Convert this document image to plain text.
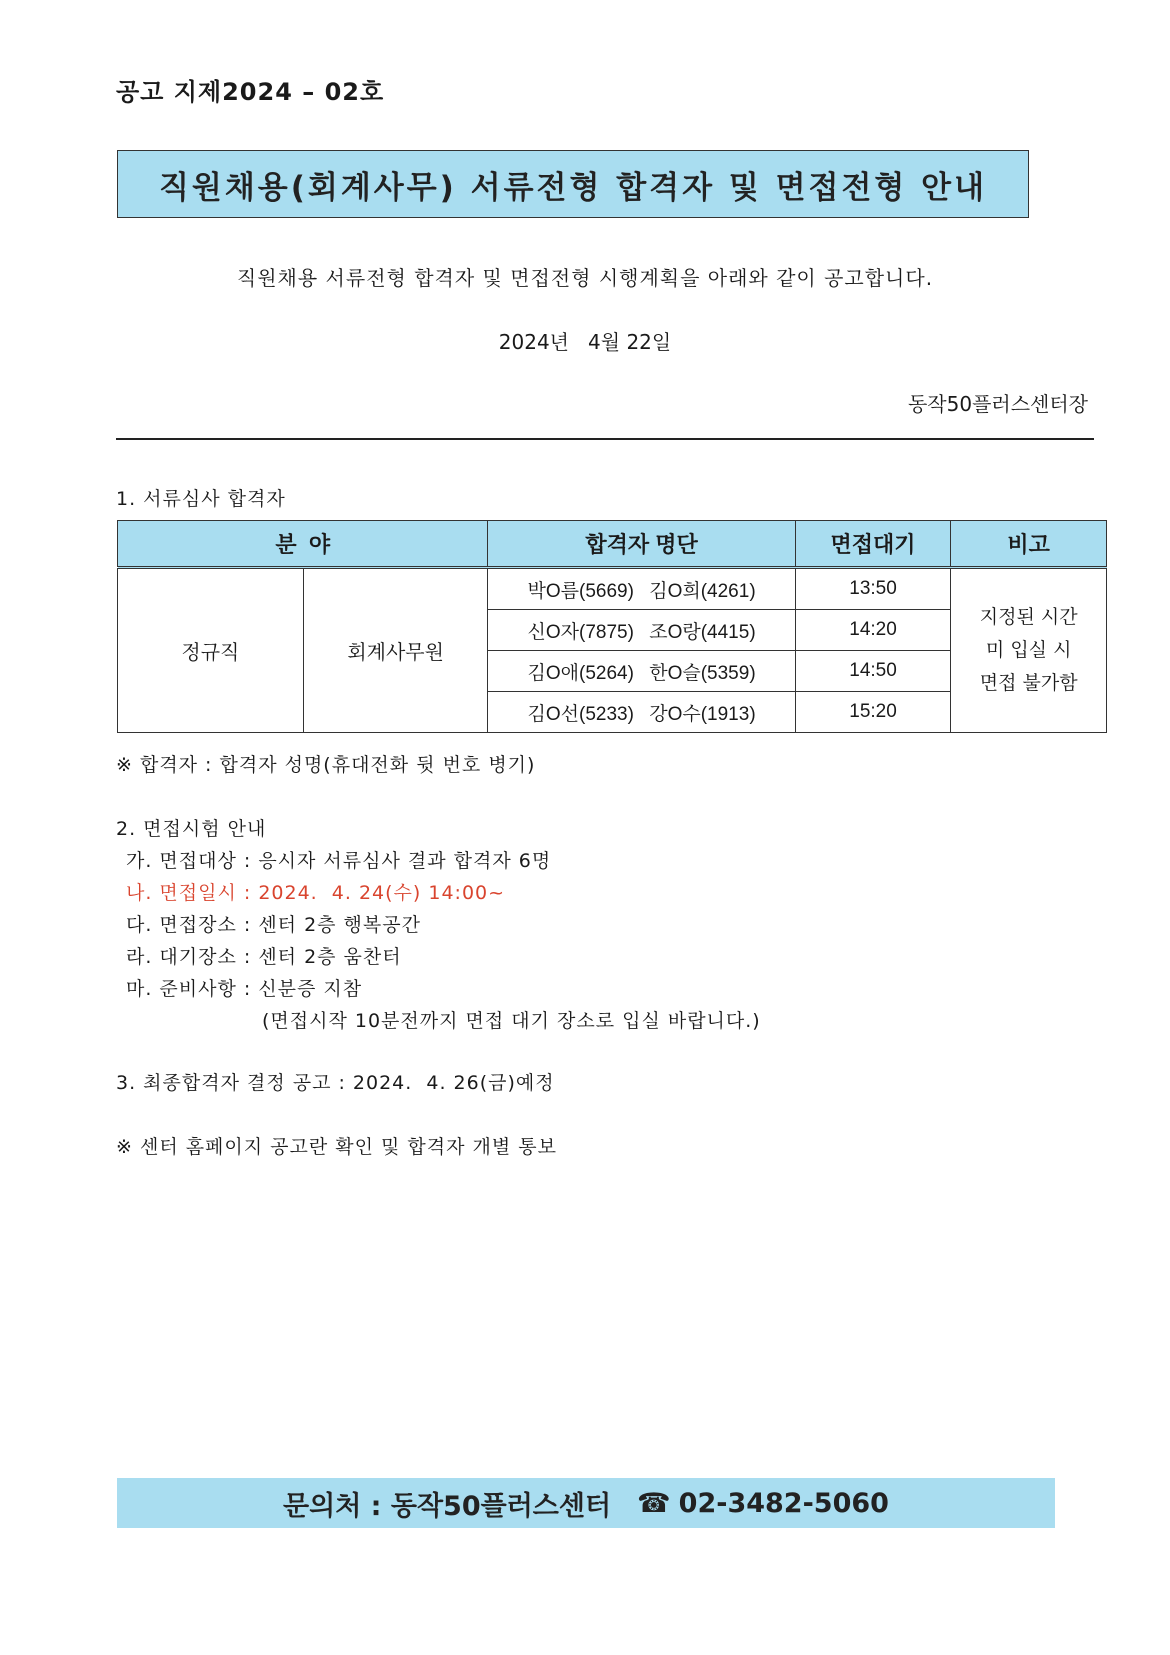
공고 지제2024 – 02호
직원채용(회계사무) 서류전형 합격자 및 면접전형 안내
직원채용 서류전형 합격자 및 면접전형 시행계획을 아래와 같이 공고합니다.
2024년   4월 22일
동작50플러스센터장
1. 서류심사 합격자
분  야		합격자 명단	면접대기	비고
정규직	회계사무원	박O름(5669) 김O희(4261)	13:50	지정된 시간
미 입실 시
면접 불가함

		신O자(7875) 조O랑(4415)	14:20	
		김O애(5264) 한O슬(5359)	14:50	
		김O선(5233) 강O수(1913)	15:20	
※ 합격자 : 합격자 성명(휴대전화 뒷 번호 병기)
2. 면접시험 안내
가. 면접대상 : 응시자 서류심사 결과 합격자 6명
나. 면접일시 : 2024.  4. 24(수) 14:00~
다. 면접장소 : 센터 2층 행복공간
라. 대기장소 : 센터 2층 움찬터
마. 준비사항 : 신분증 지참
(면접시작 10분전까지 면접 대기 장소로 입실 바랍니다.)
3. 최종합격자 결정 공고 : 2024.  4. 26(금)예정
※ 센터 홈페이지 공고란 확인 및 합격자 개별 통보
문의처 : 동작50플러스센터 ☎ 02-3482-5060
